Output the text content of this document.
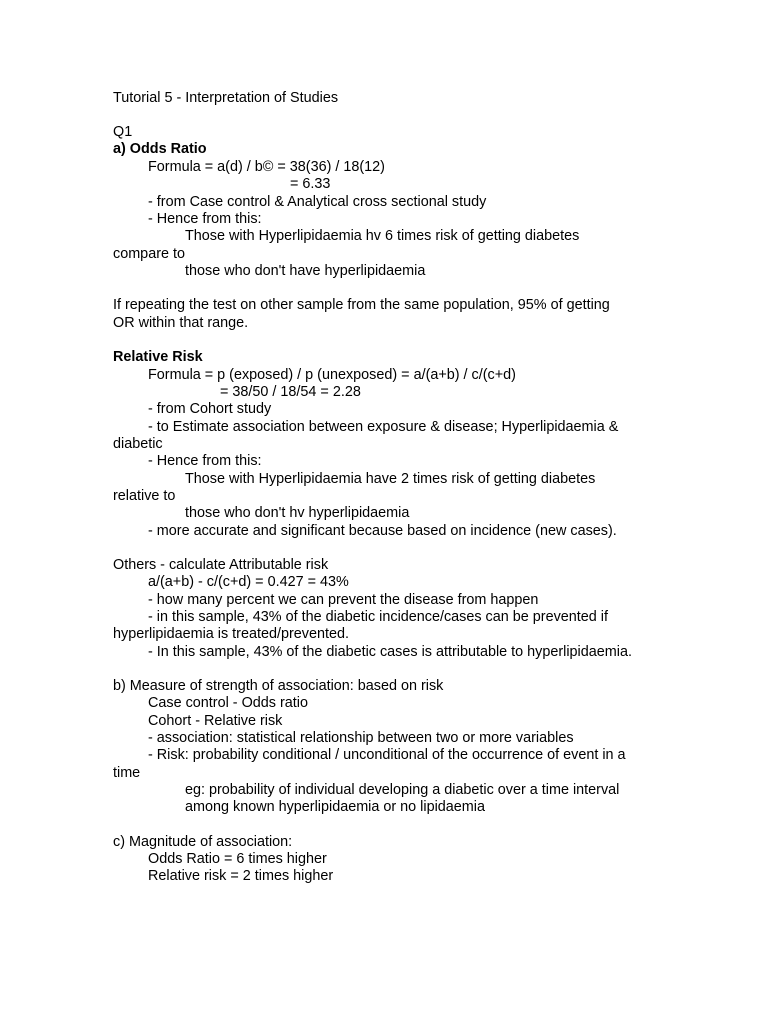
Tutorial 5 - Interpretation of Studies
Q1
a) Odds Ratio
Formula = a(d) / b© = 38(36) / 18(12)
= 6.33
- from Case control & Analytical cross sectional study
- Hence from this:
Those with Hyperlipidaemia hv 6 times risk of getting diabetes
compare to
those who don't have hyperlipidaemia
If repeating the test on other sample from the same population, 95% of getting
OR within that range.
Relative Risk
Formula = p (exposed) / p (unexposed) = a/(a+b) / c/(c+d)
= 38/50 / 18/54 = 2.28
- from Cohort study
- to Estimate association between exposure & disease; Hyperlipidaemia &
diabetic
- Hence from this:
Those with Hyperlipidaemia have 2 times risk of getting diabetes
relative to
those who don't hv hyperlipidaemia
- more accurate and significant because based on incidence (new cases).
Others - calculate Attributable risk
a/(a+b) - c/(c+d) = 0.427 = 43%
- how many percent we can prevent the disease from happen
- in this sample, 43% of the diabetic incidence/cases can be prevented if
hyperlipidaemia is treated/prevented.
- In this sample, 43% of the diabetic cases is attributable to hyperlipidaemia.
b) Measure of strength of association: based on risk
Case control - Odds ratio
Cohort - Relative risk
- association: statistical relationship between two or more variables
- Risk: probability conditional / unconditional of the occurrence of event in a
time
eg: probability of individual developing a diabetic over a time interval
among known hyperlipidaemia or no lipidaemia
c) Magnitude of association:
Odds Ratio = 6 times higher
Relative risk = 2 times higher
